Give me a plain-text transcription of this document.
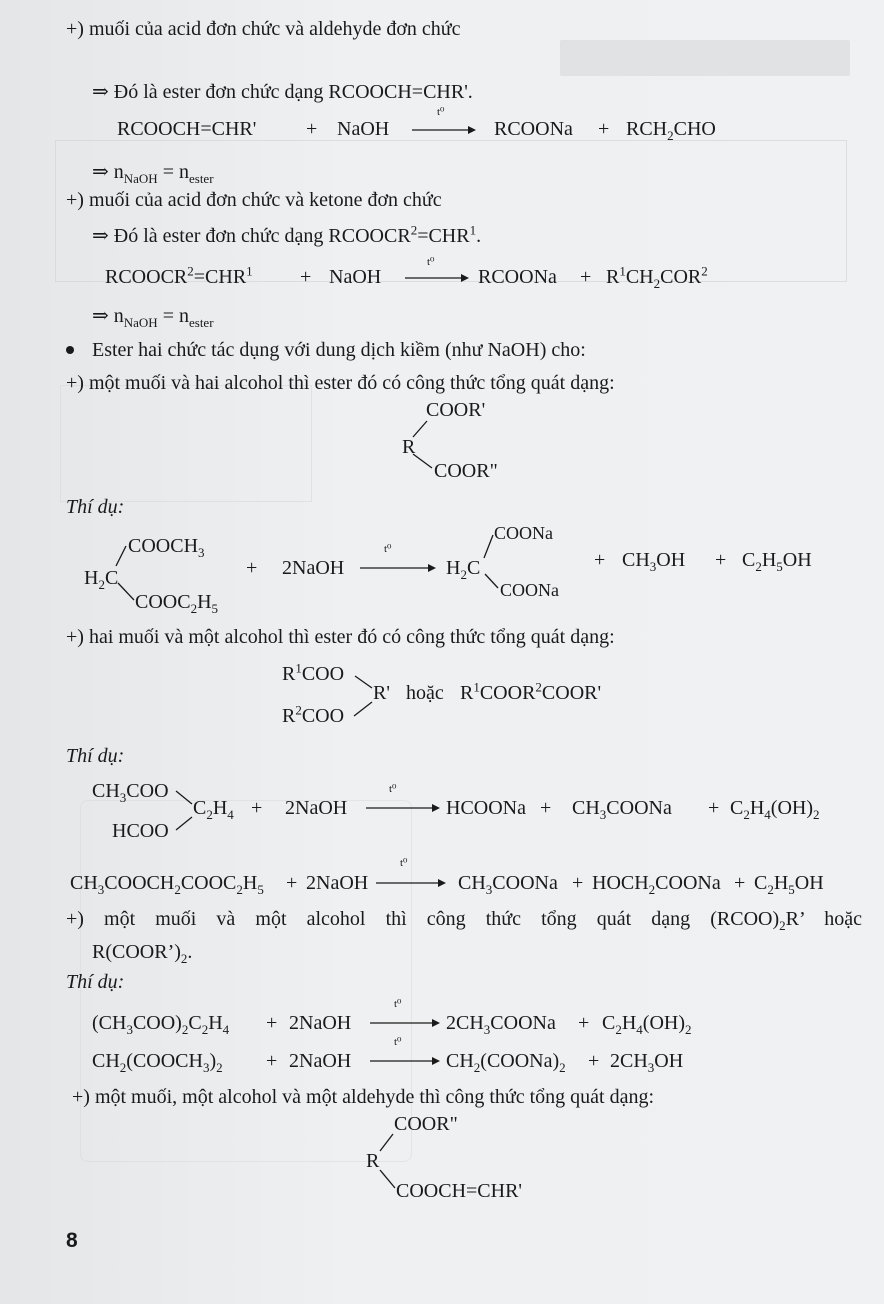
+) muối của acid đơn chức và aldehyde đơn chức
⇒ Đó là ester đơn chức dạng RCOOCH=CHR'.
RCOOCH=CHR' + NaOH
t⁰
RCOONa + $RCH_2CHO$
⇒ $n_{NaOH} = n_{ester}$
+) muối của acid đơn chức và ketone đơn chức
⇒ Đó là ester đơn chức dạng $RCOOCR^2=CHR^1$.
$RCOOCR^2=CHR^1$ + NaOH
t⁰
RCOONa + $R^1CH_2COR^2$
⇒ $n_{NaOH} = n_{ester}$
Ester hai chức tác dụng với dung dịch kiềm (như NaOH) cho:
+) một muối và hai alcohol thì ester đó có công thức tổng quát dạng:
COOR'
R
COOR"
Thí dụ:
$COOCH_3$
$H_2C$
$COOC_2H_5$
+ 2NaOH
t⁰
COONa
$H_2C$
COONa
+ $CH_3OH + C_2H_5OH$
+) hai muối và một alcohol thì ester đó có công thức tổng quát dạng:
$R^1COO$
R'
$R^2COO$
hoặc $R^1COOR^2COOR'$
Thí dụ:
$CH_3COO$
$C_2H_4$
HCOO
+ 2NaOH
t⁰
HCOONa + $CH_3COONa + C_2H_4(OH)_2$
$CH_3COOCH_2COOC_2H_5$ + 2NaOH
t⁰
$CH_3COONa$ + $HOCH_2COONa + C_2H_5OH$
+) một muối và một alcohol thì công thức tổng quát dạng $(RCOO)_2R$’ hoặc
$R(COOR’)_2$.
Thí dụ:
$(CH_3COO)_2C_2H_4$ + 2NaOH
t⁰
$2CH_3COONa + C_2H_4(OH)_2$
$CH_2(COOCH_3)_2$ + 2NaOH
t⁰
$CH_2(COONa)_2 + 2CH_3OH$
+) một muối, một alcohol và một aldehyde thì công thức tổng quát dạng:
COOR"
R
COOCH=CHR'
8
